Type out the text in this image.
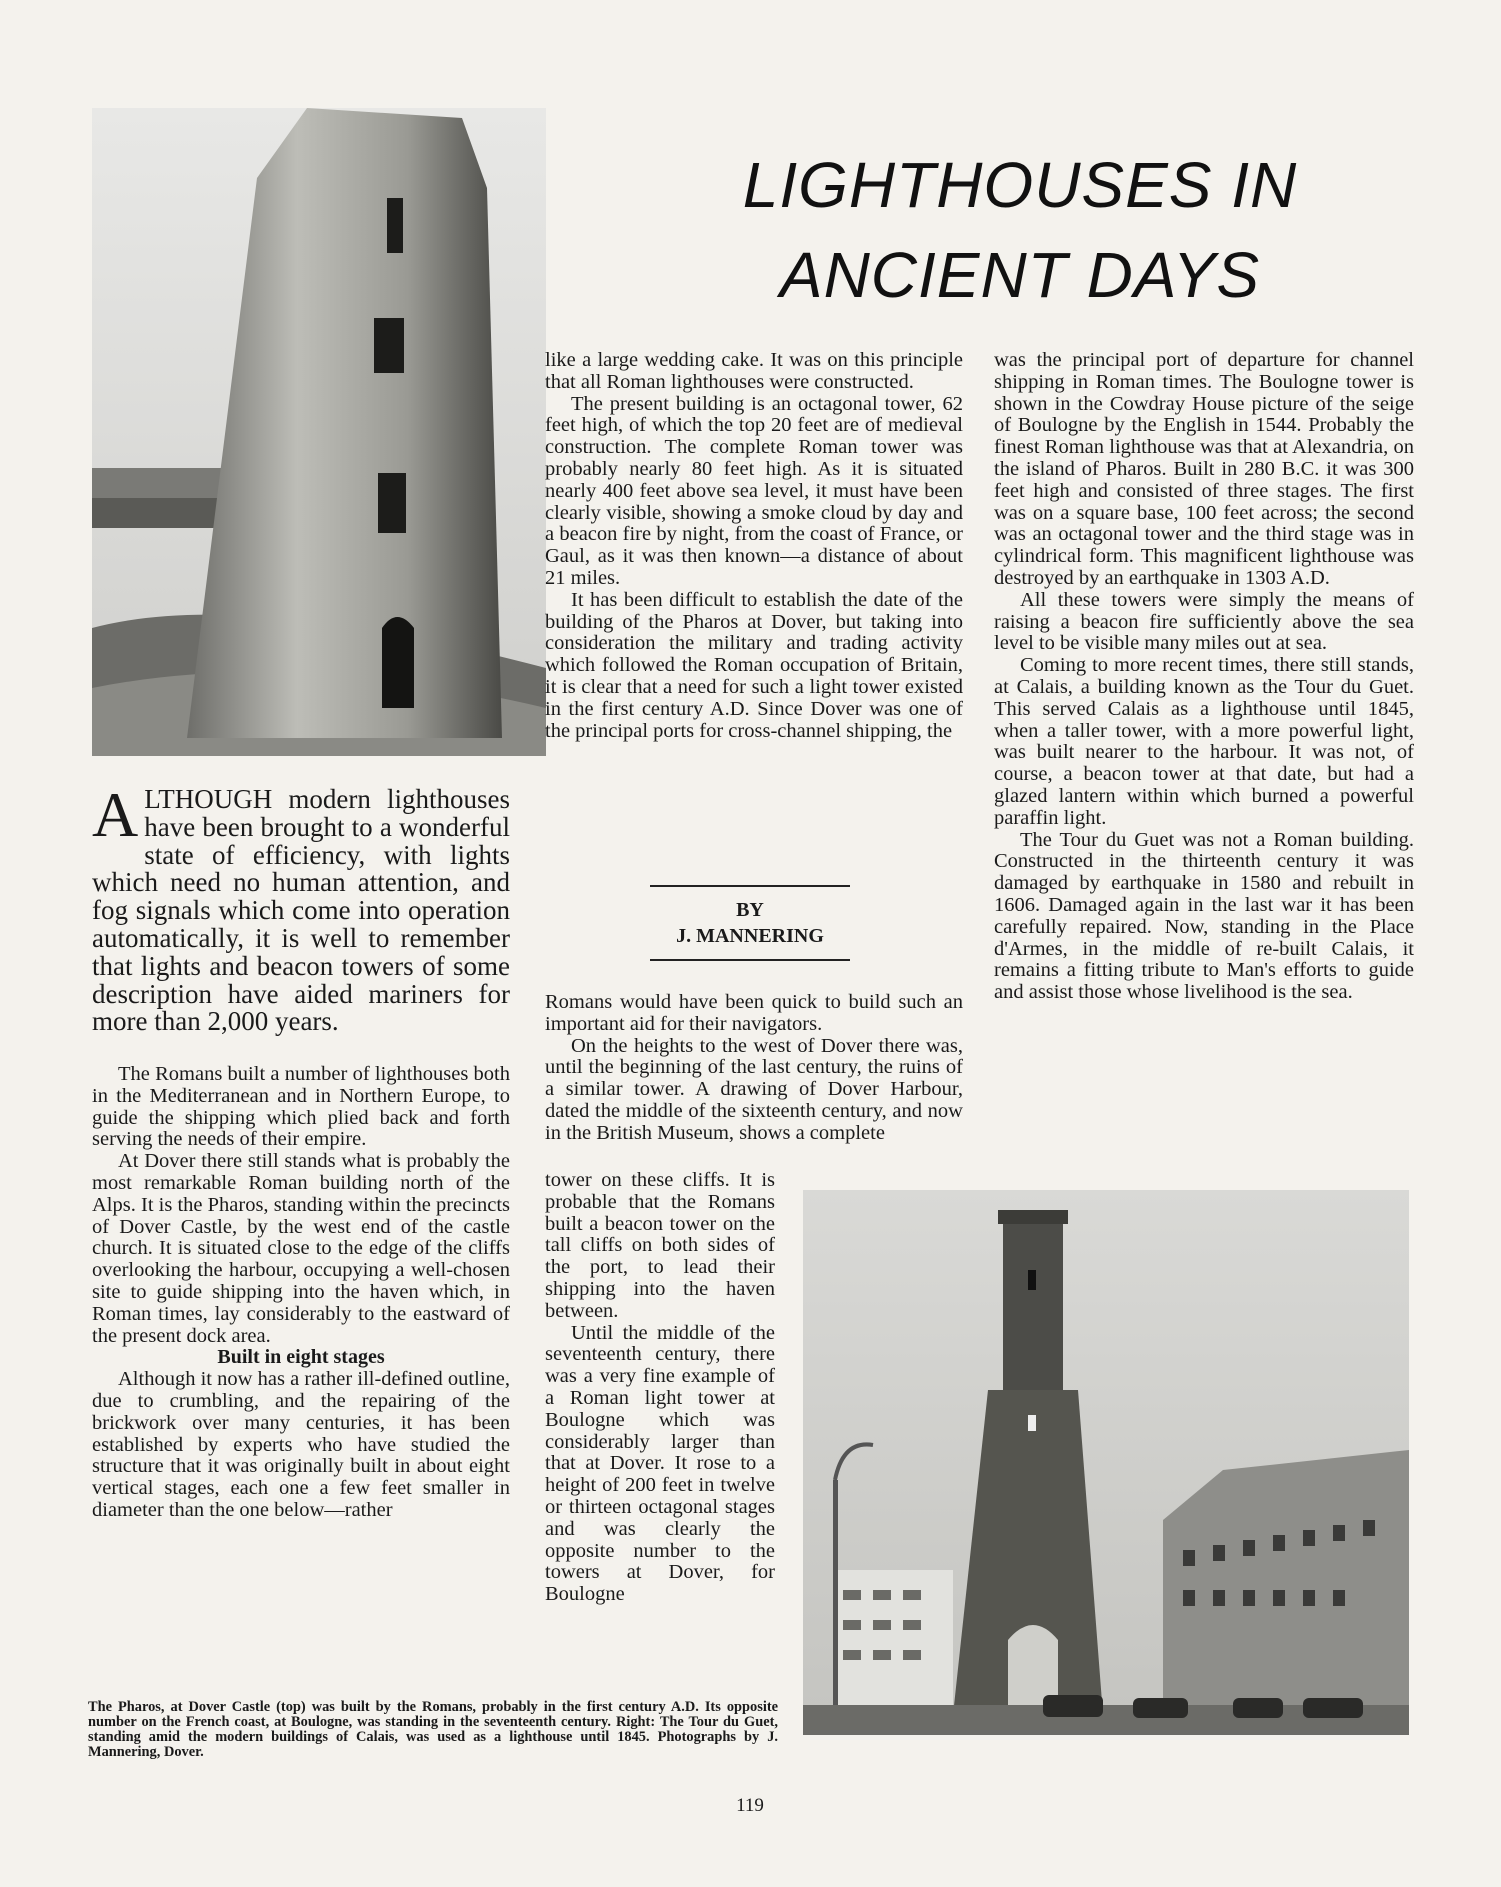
LIGHTHOUSES IN
ANCIENT DAYS

ALTHOUGH modern lighthouses have been brought to a wonderful state of efficiency, with lights which need no human attention, and fog signals which come into operation automatically, it is well to remember that lights and beacon towers of some description have aided mariners for more than 2,000 years.

The Romans built a number of lighthouses both in the Mediterranean and in Northern Europe, to guide the shipping which plied back and forth serving the needs of their empire.

At Dover there still stands what is probably the most remarkable Roman building north of the Alps. It is the Pharos, standing within the precincts of Dover Castle, by the west end of the castle church. It is situated close to the edge of the cliffs overlooking the harbour, occupying a well-chosen site to guide shipping into the haven which, in Roman times, lay considerably to the eastward of the present dock area.

Built in eight stages

Although it now has a rather ill-defined outline, due to crumbling, and the repairing of the brickwork over many centuries, it has been established by experts who have studied the structure that it was originally built in about eight vertical stages, each one a few feet smaller in diameter than the one below—rather

like a large wedding cake. It was on this principle that all Roman lighthouses were constructed.

The present building is an octagonal tower, 62 feet high, of which the top 20 feet are of medieval construction. The complete Roman tower was probably nearly 80 feet high. As it is situated nearly 400 feet above sea level, it must have been clearly visible, showing a smoke cloud by day and a beacon fire by night, from the coast of France, or Gaul, as it was then known—a distance of about 21 miles.

It has been difficult to establish the date of the building of the Pharos at Dover, but taking into consideration the military and trading activity which followed the Roman occupation of Britain, it is clear that a need for such a light tower existed in the first century A.D. Since Dover was one of the principal ports for cross-channel shipping, the

BY
J. MANNERING

Romans would have been quick to build such an important aid for their navigators.

On the heights to the west of Dover there was, until the beginning of the last century, the ruins of a similar tower. A drawing of Dover Harbour, dated the middle of the sixteenth century, and now in the British Museum, shows a complete

tower on these cliffs. It is probable that the Romans built a beacon tower on the tall cliffs on both sides of the port, to lead their shipping into the haven between.

Until the middle of the seventeenth century, there was a very fine example of a Roman light tower at Boulogne which was considerably larger than that at Dover. It rose to a height of 200 feet in twelve or thirteen octagonal stages and was clearly the opposite number to the towers at Dover, for Boulogne

was the principal port of departure for channel shipping in Roman times. The Boulogne tower is shown in the Cowdray House picture of the seige of Boulogne by the English in 1544. Probably the finest Roman lighthouse was that at Alexandria, on the island of Pharos. Built in 280 B.C. it was 300 feet high and consisted of three stages. The first was on a square base, 100 feet across; the second was an octagonal tower and the third stage was in cylindrical form. This magnificent lighthouse was destroyed by an earthquake in 1303 A.D.

All these towers were simply the means of raising a beacon fire sufficiently above the sea level to be visible many miles out at sea.

Coming to more recent times, there still stands, at Calais, a building known as the Tour du Guet. This served Calais as a lighthouse until 1845, when a taller tower, with a more powerful light, was built nearer to the harbour. It was not, of course, a beacon tower at that date, but had a glazed lantern within which burned a powerful paraffin light.

The Tour du Guet was not a Roman building. Constructed in the thirteenth century it was damaged by earthquake in 1580 and rebuilt in 1606. Damaged again in the last war it has been carefully repaired. Now, standing in the Place d'Armes, in the middle of re-built Calais, it remains a fitting tribute to Man's efforts to guide and assist those whose livelihood is the sea.

The Pharos, at Dover Castle (top) was built by the Romans, probably in the first century A.D. Its opposite number on the French coast, at Boulogne, was standing in the seventeenth century. Right: The Tour du Guet, standing amid the modern buildings of Calais, was used as a lighthouse until 1845. Photographs by J. Mannering, Dover.
119
